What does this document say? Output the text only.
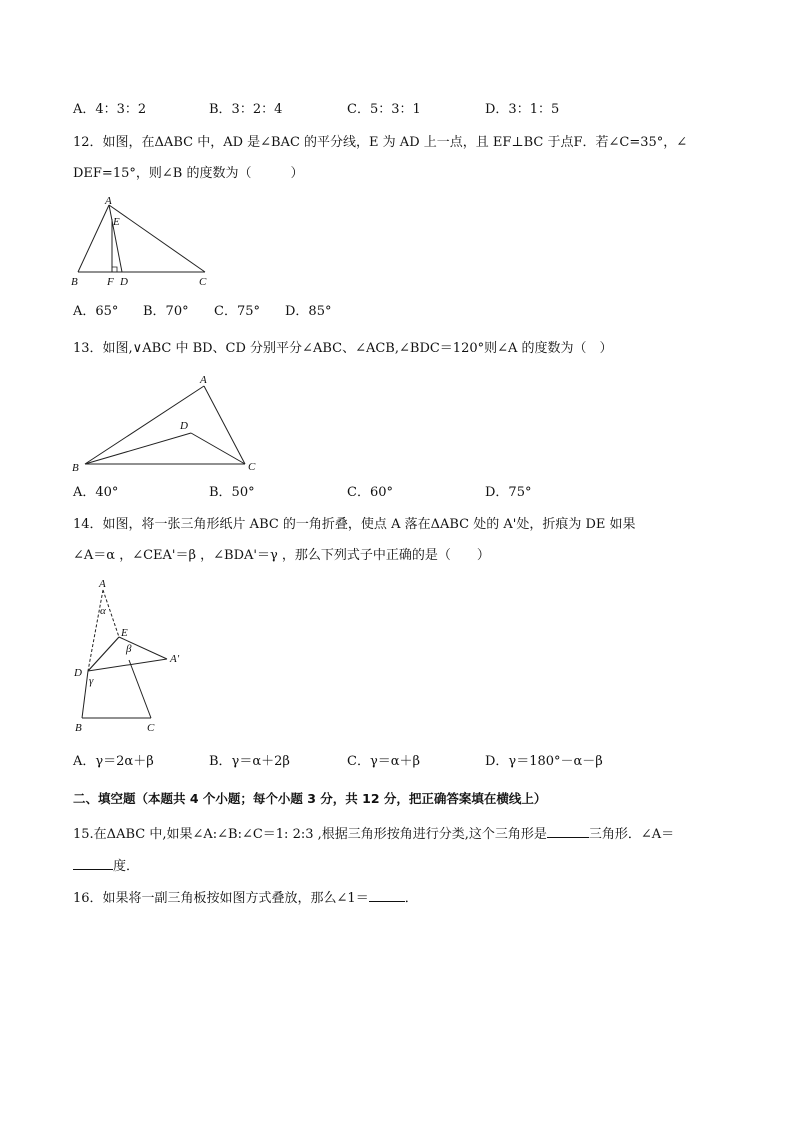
A．4：3：2	B．3：2：4	C．5：3：1	D．3：1：5
12．如图，在ΔABC 中，AD 是∠BAC 的平分线，E 为 AD 上一点，且 EF⊥BC 于点F．若∠C=35°，∠
DEF=15°，则∠B 的度数为（　　　）
A
E
B	F D	C
A．65° B．70° C．75° D．85°
13．如图,∨ABC 中 BD、CD 分别平分∠ABC、∠ACB,∠BDC＝120°则∠A 的度数为（　）
A
D
B	C
A．40°	B．50°	C．60°	D．75°
14．如图，将一张三角形纸片 ABC 的一角折叠，使点 A 落在ΔABC 处的 A'处，折痕为 DE 如果
∠A＝α ，∠CEA'＝β ，∠BDA'＝γ ，那么下列式子中正确的是（　　）
A
α
E
β
A′
D
γ
B	C
A．γ＝2α＋β	B．γ＝α＋2β	C．γ＝α＋β	D．γ＝180°－α－β
二、填空题（本题共 4 个小题；每个小题 3 分，共 12 分，把正确答案填在横线上）
15.在ΔABC 中,如果∠A:∠B:∠C＝1: 2:3 ,根据三角形按角进行分类,这个三角形是	三角形．∠A＝
度．
16．如果将一副三角板按如图方式叠放，那么∠1＝	．
